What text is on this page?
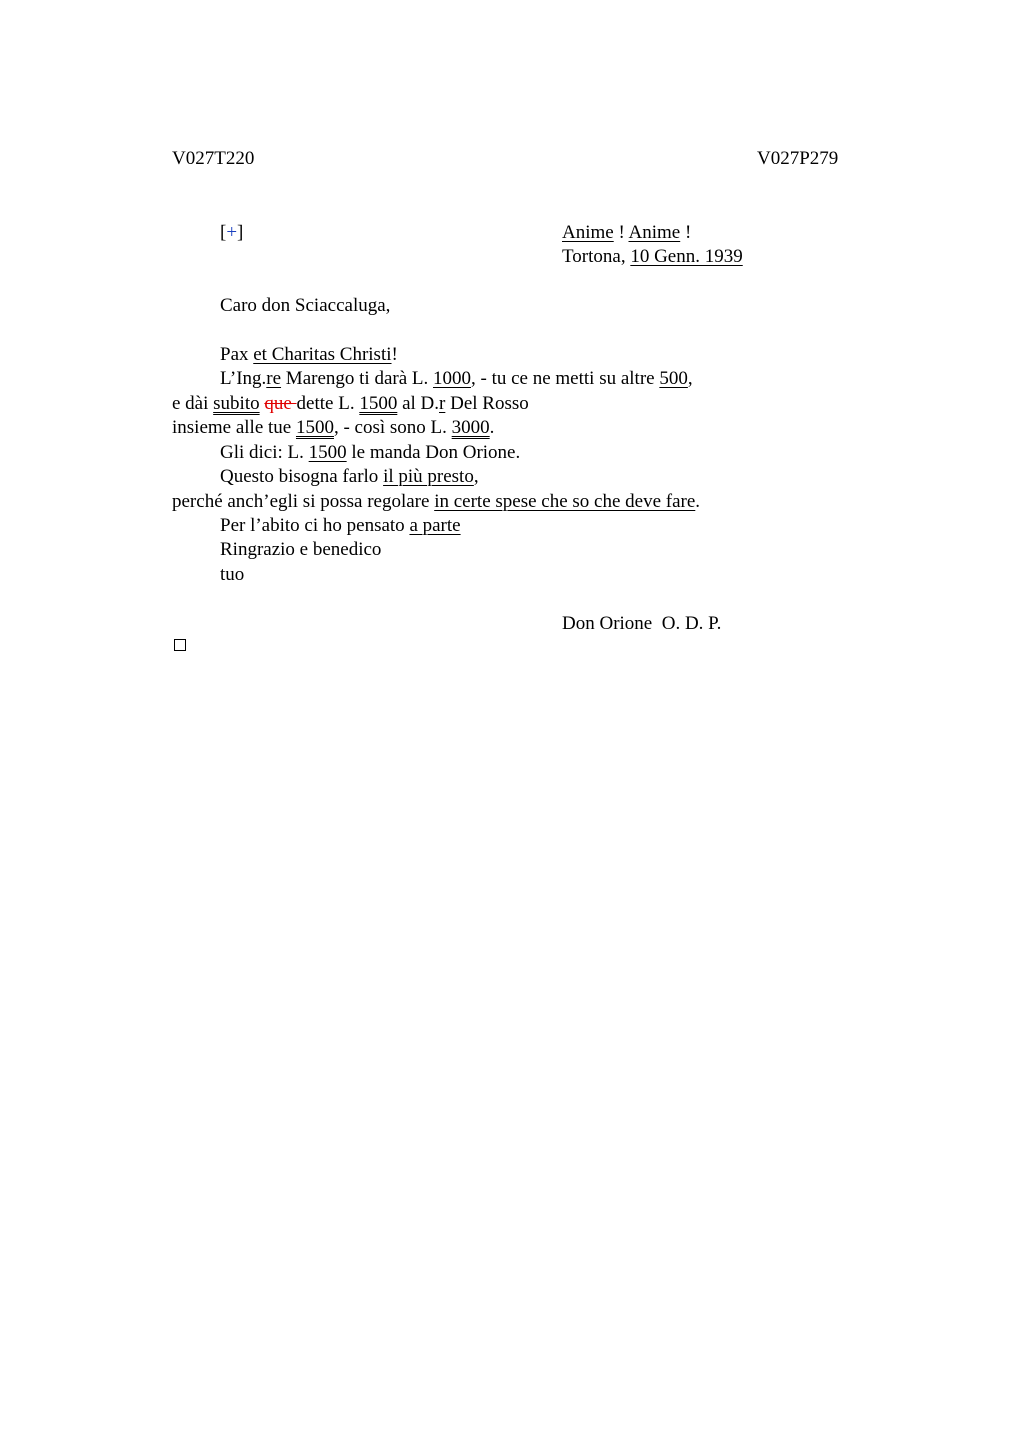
V027T220	V027P279
[+]	Anime ! Anime !
Tortona, 10 Genn. 1939
Caro don Sciaccaluga,
Pax et Charitas Christi!
L’Ing.re Marengo ti darà L. 1000, - tu ce ne metti su altre 500,
e dài subito que dette L. 1500 al D.r Del Rosso
insieme alle tue 1500, - così sono L. 3000.
Gli dici: L. 1500 le manda Don Orione.
Questo bisogna farlo il più presto,
perché anch’egli si possa regolare in certe spese che so che deve fare.
Per l’abito ci ho pensato a parte
Ringrazio e benedico
tuo
Don Orione  O. D. P.
